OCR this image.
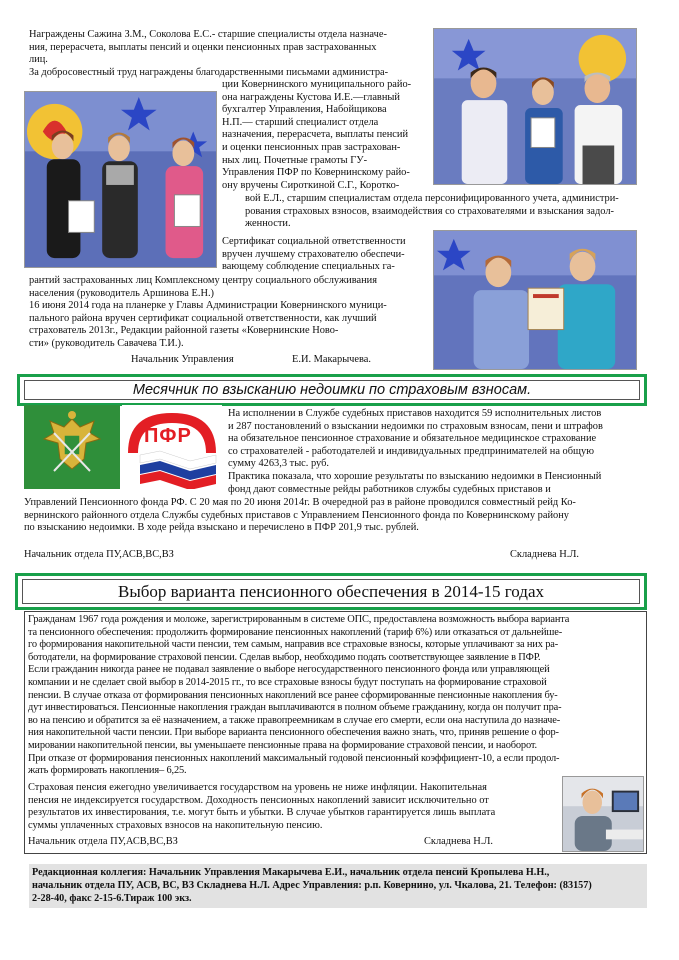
Награждены Сажина З.М., Соколова Е.С.- старшие специалисты отдела назначе-
ния, перерасчета, выплаты пенсий и оценки пенсионных прав застрахованных
лиц.
За добросовестный труд награждены благодарственными письмами администра-
ции Ковернинского муниципального райо-
она награждены Кустова И.Е.—главный
бухгалтер Управления, Набойщикова
Н.П.— старший специалист отдела
назначения, перерасчета, выплаты пенсий
и оценки пенсионных прав застрахован-
ных лиц. Почетные грамоты ГУ-
Управления ПФР по Ковернинскому райо-
ону вручены Сироткиной С.Г., Коротко-
вой Е.Л., старшим специалистам отдела персонифицированного учета, администри-
рования страховых взносов, взаимодействия со страхователями и взыскания задол-
женности.
Сертификат социальной ответственности
вручен лучшему страхователю обеспечи-
вающему соблюдение специальных га-
рантий застрахованных лиц Комплексному центру социального обслуживания
населения (руководитель Аршинова Е.Н.)
16 июня 2014 года на планерке у Главы Администрации Ковернинского муници-
пального района вручен сертификат социальной ответственности, как лучший
страхователь 2013г., Редакции районной газеты «Ковернинские Ново-
сти» (руководитель Савачева Т.И.).
Начальник Управления	Е.И. Макарычева.
Месячник по взысканию недоимки по страховым взносам.
ПФР
На исполнении в Службе судебных приставов находится 59 исполнительных листов
и 287 постановлений о взыскании недоимки по страховым взносам, пени и штрафов
на обязательное пенсионное страхование и обязательное медицинское страхование
со страхователей - работодателей и индивидуальных предпринимателей на общую
сумму 4263,3 тыс. руб.
Практика показала, что хорошие результаты по взысканию недоимки в Пенсионный
фонд дают совместные рейды работников службы судебных приставов и
Управлений Пенсионного фонда РФ. С 20 мая по 20 июня 2014г. В очередной раз в районе проводился совместный рейд Ко-
вернинского районного отдела Службы судебных приставов с Управлением Пенсионного фонда по Ковернинскому району
по взысканию недоимки. В ходе рейда взыскано и перечислено в ПФР 201,9 тыс. рублей.
Начальник отдела ПУ,АСВ,ВС,ВЗ	Складнева Н.Л.
Выбор варианта пенсионного обеспечения в 2014-15 годах
Гражданам 1967 года рождения и моложе, зарегистрированным в системе ОПС, предоставлена возможность выбора варианта
та пенсионного обеспечения: продолжить формирование пенсионных накоплений (тариф 6%) или отказаться от дальнейше-
го формирования накопительной части пенсии, тем самым, направив все страховые взносы, которые уплачивают за них ра-
ботодатели, на формирование страховой пенсии. Сделав выбор, необходимо подать соответствующее заявление в ПФР.
Если гражданин никогда ранее не подавал заявление о выборе негосударственного пенсионного фонда или управляющей
компании и не сделает свой выбор в 2014-2015 гг., то все страховые взносы будут поступать на формирование страховой
пенсии. В случае отказа от формирования пенсионных накоплений все ранее сформированные пенсионные накопления бу-
дут инвестироваться. Пенсионные накопления граждан выплачиваются в полном объеме гражданину, когда он получит пра-
во на пенсию и обратится за её назначением, а также правопреемникам в случае его смерти, если она наступила до назначе-
ния накопительной части пенсии. При выборе варианта пенсионного обеспечения важно знать, что, приняв решение о фор-
мировании накопительной пенсии, вы уменьшаете пенсионные права на формирование страховой пенсии, и наоборот.
При отказе от формирования пенсионных накоплений максимальный годовой пенсионный коэффициент-10, а если продол-
жать формировать накопления– 6,25.
Страховая пенсия ежегодно увеличивается государством на уровень не ниже инфляции. Накопительная
пенсия не индексируется государством. Доходность пенсионных накоплений зависит исключительно от
результатов их инвестирования, т.е. могут быть и убытки. В случае убытков гарантируется лишь выплата
суммы уплаченных страховых взносов на накопительную пенсию.
Начальник отдела ПУ,АСВ,ВС,ВЗ	Складнева Н.Л.
Редакционная коллегия: Начальник Управления Макарычева Е.И., начальник отдела пенсий Кропылева Н.Н.,
начальник отдела ПУ, АСВ, ВС, ВЗ Складнева Н.Л. Адрес Управления: р.п. Ковернино, ул. Чкалова, 21. Телефон: (83157)
2-28-40, факс 2-15-6.Тираж 100 экз.
